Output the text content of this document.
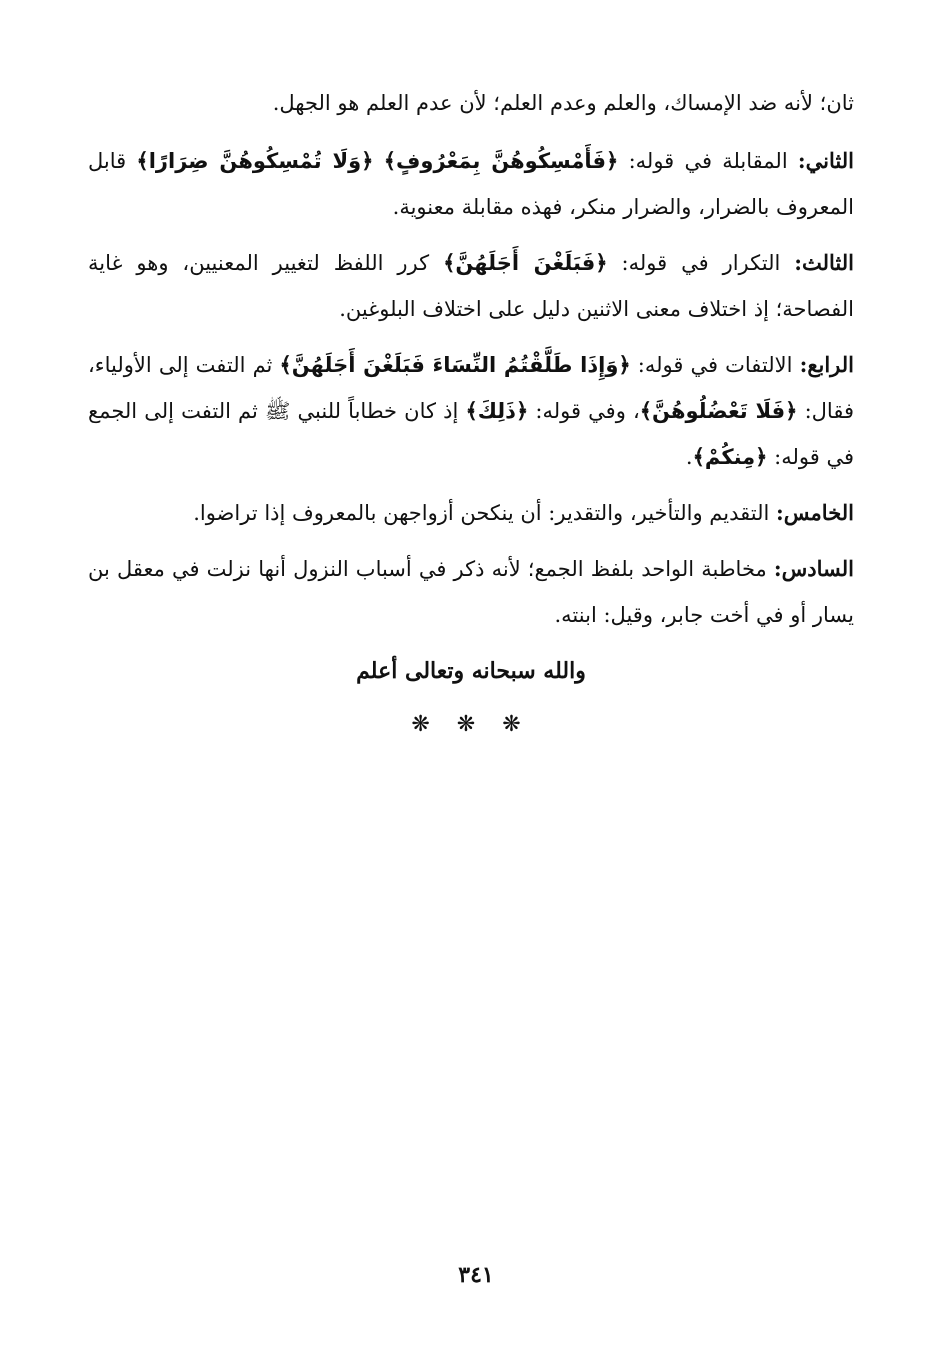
ثان؛ لأنه ضد الإمساك، والعلم وعدم العلم؛ لأن عدم العلم هو الجهل.

الثاني: المقابلة في قوله: ﴿فَأَمْسِكُوهُنَّ بِمَعْرُوفٍ﴾ ﴿وَلَا تُمْسِكُوهُنَّ ضِرَارًا﴾ قابل المعروف بالضرار، والضرار منكر، فهذه مقابلة معنوية.

الثالث: التكرار في قوله: ﴿فَبَلَغْنَ أَجَلَهُنَّ﴾ كرر اللفظ لتغيير المعنيين، وهو غاية الفصاحة؛ إذ اختلاف معنى الاثنين دليل على اختلاف البلوغين.

الرابع: الالتفات في قوله: ﴿وَإِذَا طَلَّقْتُمُ النِّسَاءَ فَبَلَغْنَ أَجَلَهُنَّ﴾ ثم التفت إلى الأولياء، فقال: ﴿فَلَا تَعْضُلُوهُنَّ﴾، وفي قوله: ﴿ذَلِكَ﴾ إذ كان خطاباً للنبي ﷺ ثم التفت إلى الجمع في قوله: ﴿مِنكُمْ﴾.

الخامس: التقديم والتأخير، والتقدير: أن ينكحن أزواجهن بالمعروف إذا تراضوا.

السادس: مخاطبة الواحد بلفظ الجمع؛ لأنه ذكر في أسباب النزول أنها نزلت في معقل بن يسار أو في أخت جابر، وقيل: ابنته.

والله سبحانه وتعالى أعلم
❋ ❋ ❋
٣٤١
